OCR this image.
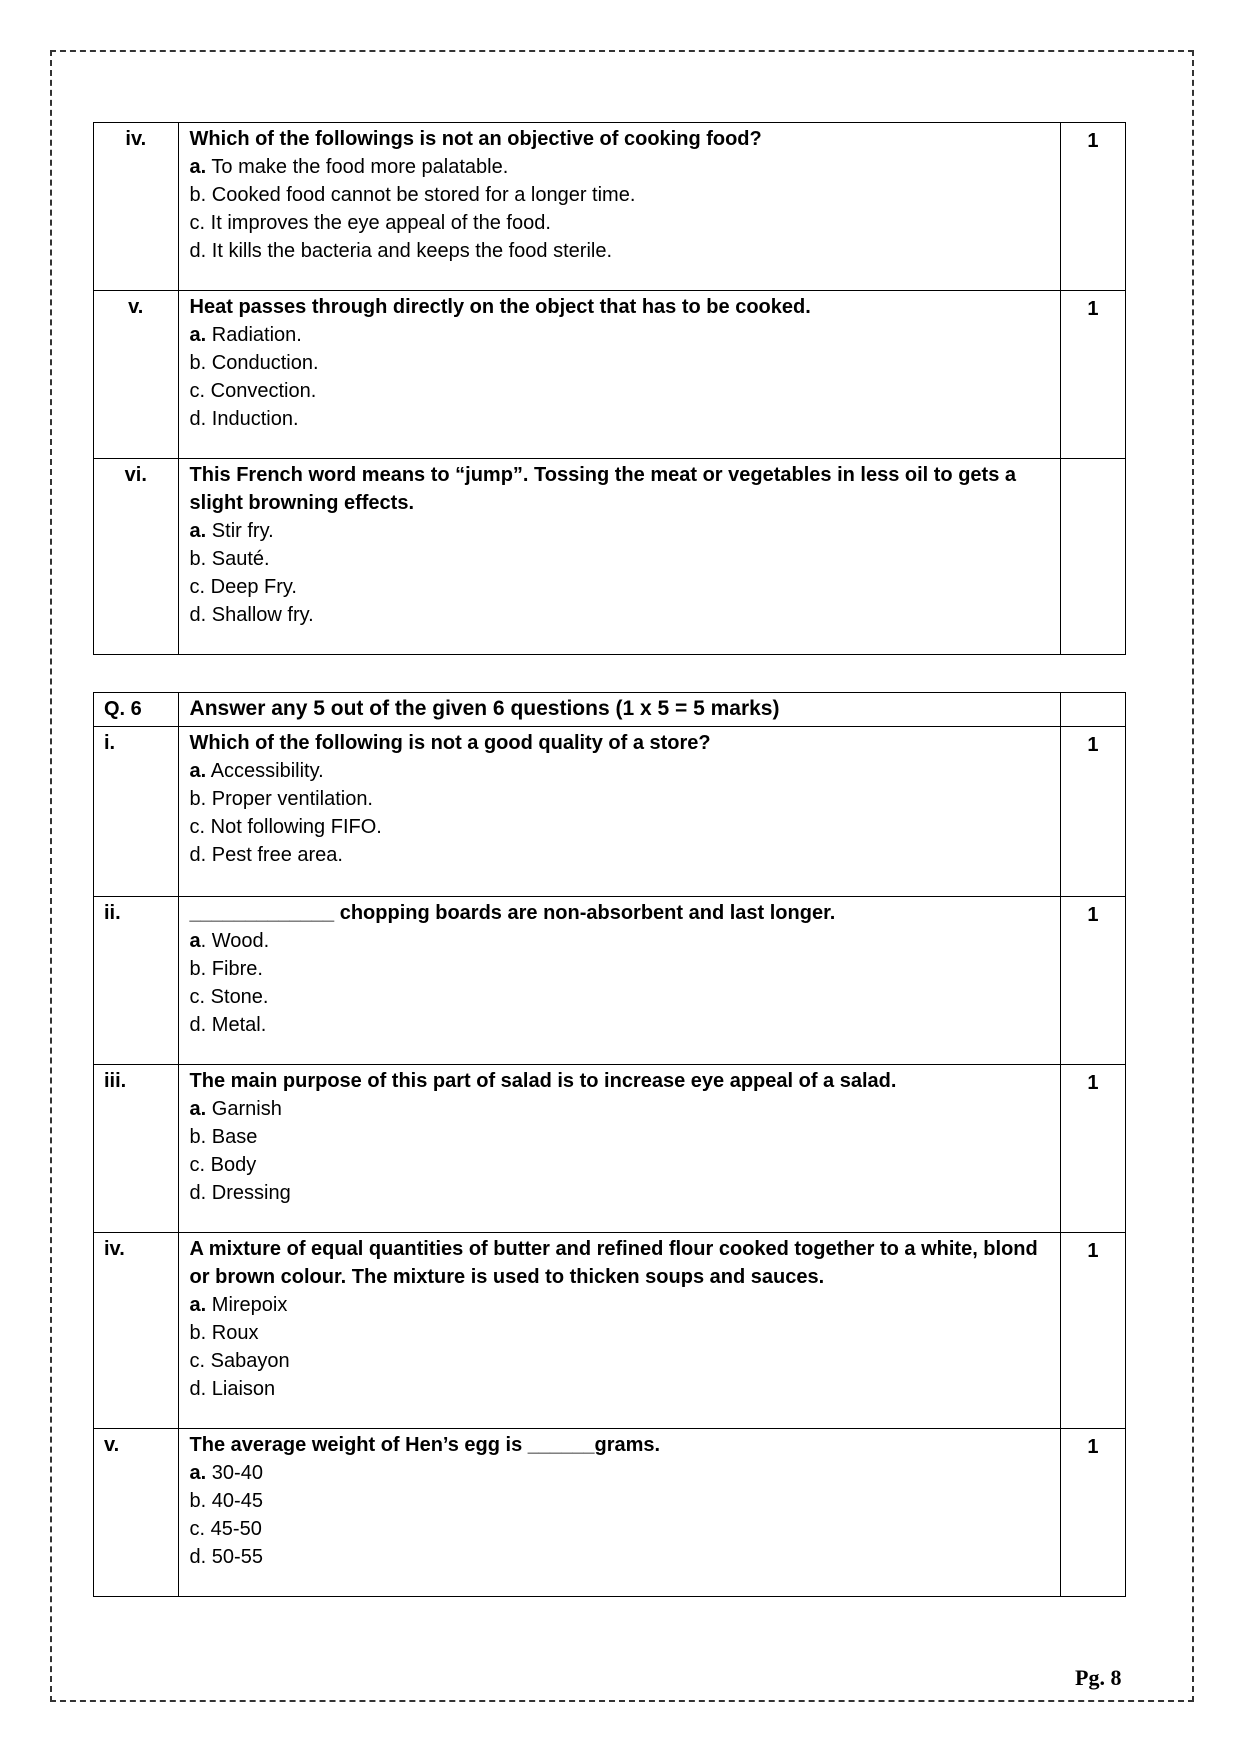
iv.	Which of the followings is not an objective of cooking food?
a. To make the food more palatable.
b. Cooked food cannot be stored for a longer time.
c. It improves the eye appeal of the food.
d. It kills the bacteria and keeps the food sterile.	1
v.	Heat passes through directly on the object that has to be cooked.
a. Radiation.
b. Conduction.
c. Convection.
d. Induction.	1
vi.	This French word means to “jump”. Tossing the meat or vegetables in less oil to gets a slight browning effects.
a. Stir fry.
b. Sauté.
c. Deep Fry.
d. Shallow fry.	

Q. 6	Answer any 5 out of the given 6 questions (1 x 5 = 5 marks)	

i.	Which of the following is not a good quality of a store?
a. Accessibility.
b. Proper ventilation.
c. Not following FIFO.
d. Pest free area.	1
ii.	_____________ chopping boards are non-absorbent and last longer.
a. Wood.
b. Fibre.
c. Stone.
d. Metal.	1
iii.	The main purpose of this part of salad is to increase eye appeal of a salad.
a. Garnish
b. Base
c. Body
d. Dressing	1
iv.	A mixture of equal quantities of butter and refined flour cooked together to a white, blond or brown colour. The mixture is used to thicken soups and sauces.
a. Mirepoix
b. Roux
c. Sabayon
d. Liaison	1
v.	The average weight of Hen’s egg is ______grams.
a. 30-40
b. 40-45
c. 45-50
d. 50-55	1
Pg. 8
